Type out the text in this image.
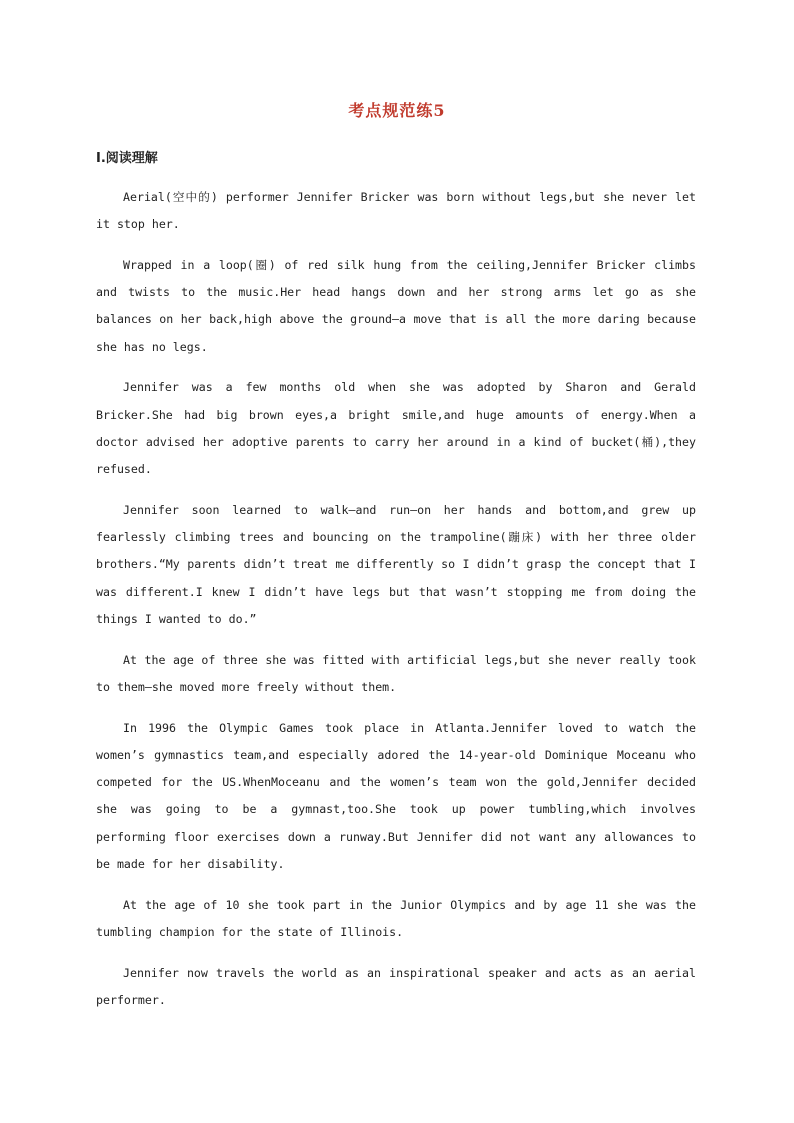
考点规范练5
Ⅰ.阅读理解

Aerial(空中的) performer Jennifer Bricker was born without legs,but she never let it stop her.

Wrapped in a loop(圈) of red silk hung from the ceiling,Jennifer Bricker climbs and twists to the music.Her head hangs down and her strong arms let go as she balances on her back,high above the ground—a move that is all the more daring because she has no legs.

Jennifer was a few months old when she was adopted by Sharon and Gerald Bricker.She had big brown eyes,a bright smile,and huge amounts of energy.When a doctor advised her adoptive parents to carry her around in a kind of bucket(桶),they refused.

Jennifer soon learned to walk—and run—on her hands and bottom,and grew up fearlessly climbing trees and bouncing on the trampoline(蹦床) with her three older brothers.“My parents didn’t treat me differently so I didn’t grasp the concept that I was different.I knew I didn’t have legs but that wasn’t stopping me from doing the things I wanted to do.”

At the age of three she was fitted with artificial legs,but she never really took to them—she moved more freely without them.

In 1996 the Olympic Games took place in Atlanta.Jennifer loved to watch the women’s gymnastics team,and especially adored the 14-year-old Dominique Moceanu who competed for the US.WhenMoceanu and the women’s team won the gold,Jennifer decided she was going to be a gymnast,too.She took up power tumbling,which involves performing floor exercises down a runway.But Jennifer did not want any allowances to be made for her disability.

At the age of 10 she took part in the Junior Olympics and by age 11 she was the tumbling champion for the state of Illinois.

Jennifer now travels the world as an inspirational speaker and acts as an aerial performer.
